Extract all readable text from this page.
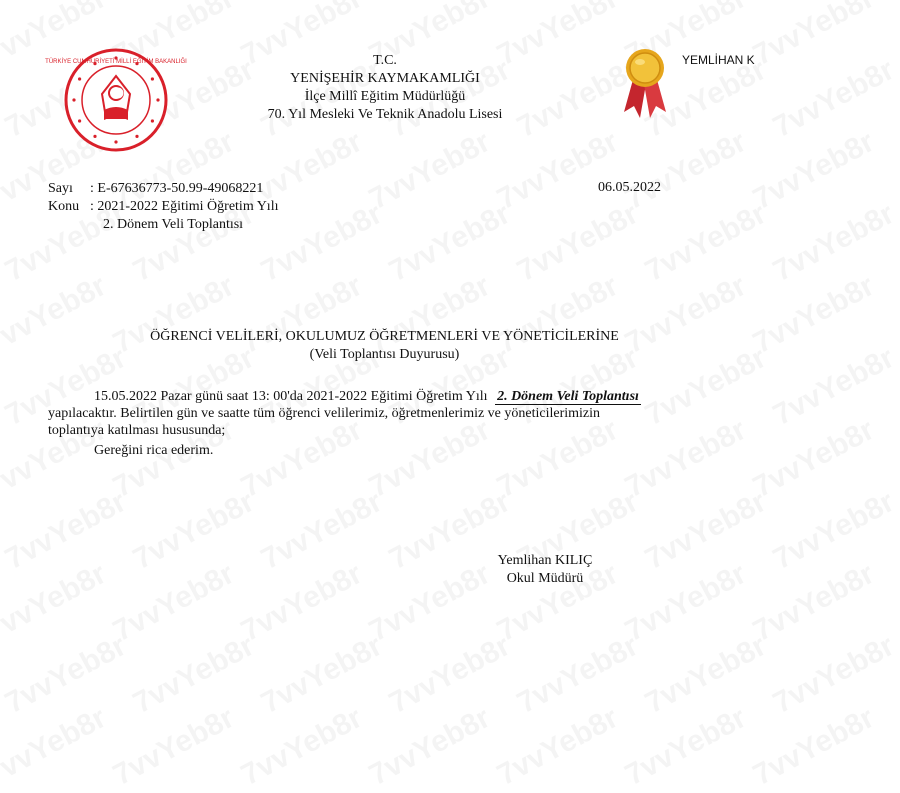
TÜRKİYE CUMHURİYETİ MİLLİ EĞİTİM BAKANLIĞI	YEMLİHAN K
T.C.
YENİŞEHİR KAYMAKAMLIĞI
İlçe Millî Eğitim Müdürlüğü
70. Yıl Mesleki Ve Teknik Anadolu Lisesi
Sayı	: E-67636773-50.99-49068221
Konu : 2021-2022 Eğitimi Öğretim Yılı
2. Dönem Veli Toplantısı
06.05.2022
ÖĞRENCİ VELİLERİ, OKULUMUZ ÖĞRETMENLERİ VE YÖNETİCİLERİNE
(Veli Toplantısı Duyurusu)
15.05.2022 Pazar günü saat 13: 00'da 2021-2022 Eğitimi Öğretim Yılı 2. Dönem Veli Toplantısı
yapılacaktır. Belirtilen gün ve saatte tüm öğrenci velilerimiz, öğretmenlerimiz ve yöneticilerimizin
toplantıya katılması hususunda;
Gereğini rica ederim.
Yemlihan KILIÇ
Okul Müdürü
